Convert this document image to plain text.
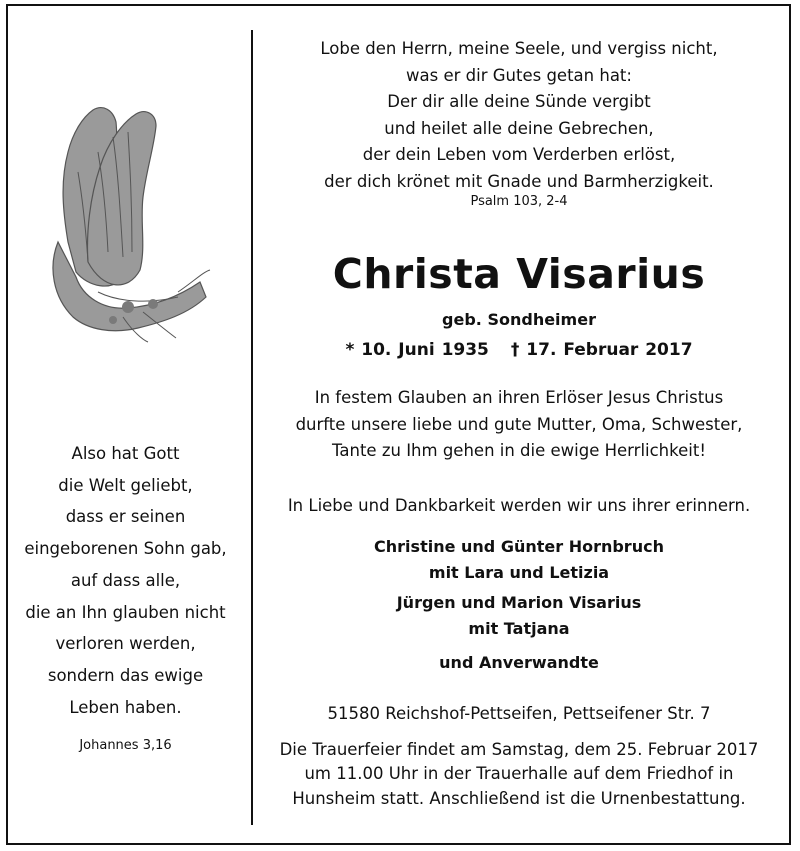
Also hat Gott
die Welt geliebt,
dass er seinen
eingeborenen Sohn gab,
auf dass alle,
die an Ihn glauben nicht
verloren werden,
sondern das ewige
Leben haben.
Johannes 3,16
Lobe den Herrn, meine Seele, und vergiss nicht,
was er dir Gutes getan hat:
Der dir alle deine Sünde vergibt
und heilet alle deine Gebrechen,
der dein Leben vom Verderben erlöst,
der dich krönet mit Gnade und Barmherzigkeit.
Psalm 103, 2-4
Christa Visarius
geb. Sondheimer
* 10. Juni 1935 † 17. Februar 2017
In festem Glauben an ihren Erlöser Jesus Christus
durfte unsere liebe und gute Mutter, Oma, Schwester,
Tante zu Ihm gehen in die ewige Herrlichkeit!
In Liebe und Dankbarkeit werden wir uns ihrer erinnern.
Christine und Günter Hornbruch
mit Lara und Letizia
Jürgen und Marion Visarius
mit Tatjana
und Anverwandte
51580 Reichshof-Pettseifen, Pettseifener Str. 7
Die Trauerfeier findet am Samstag, dem 25. Februar 2017
um 11.00 Uhr in der Trauerhalle auf dem Friedhof in
Hunsheim statt. Anschließend ist die Urnenbestattung.
